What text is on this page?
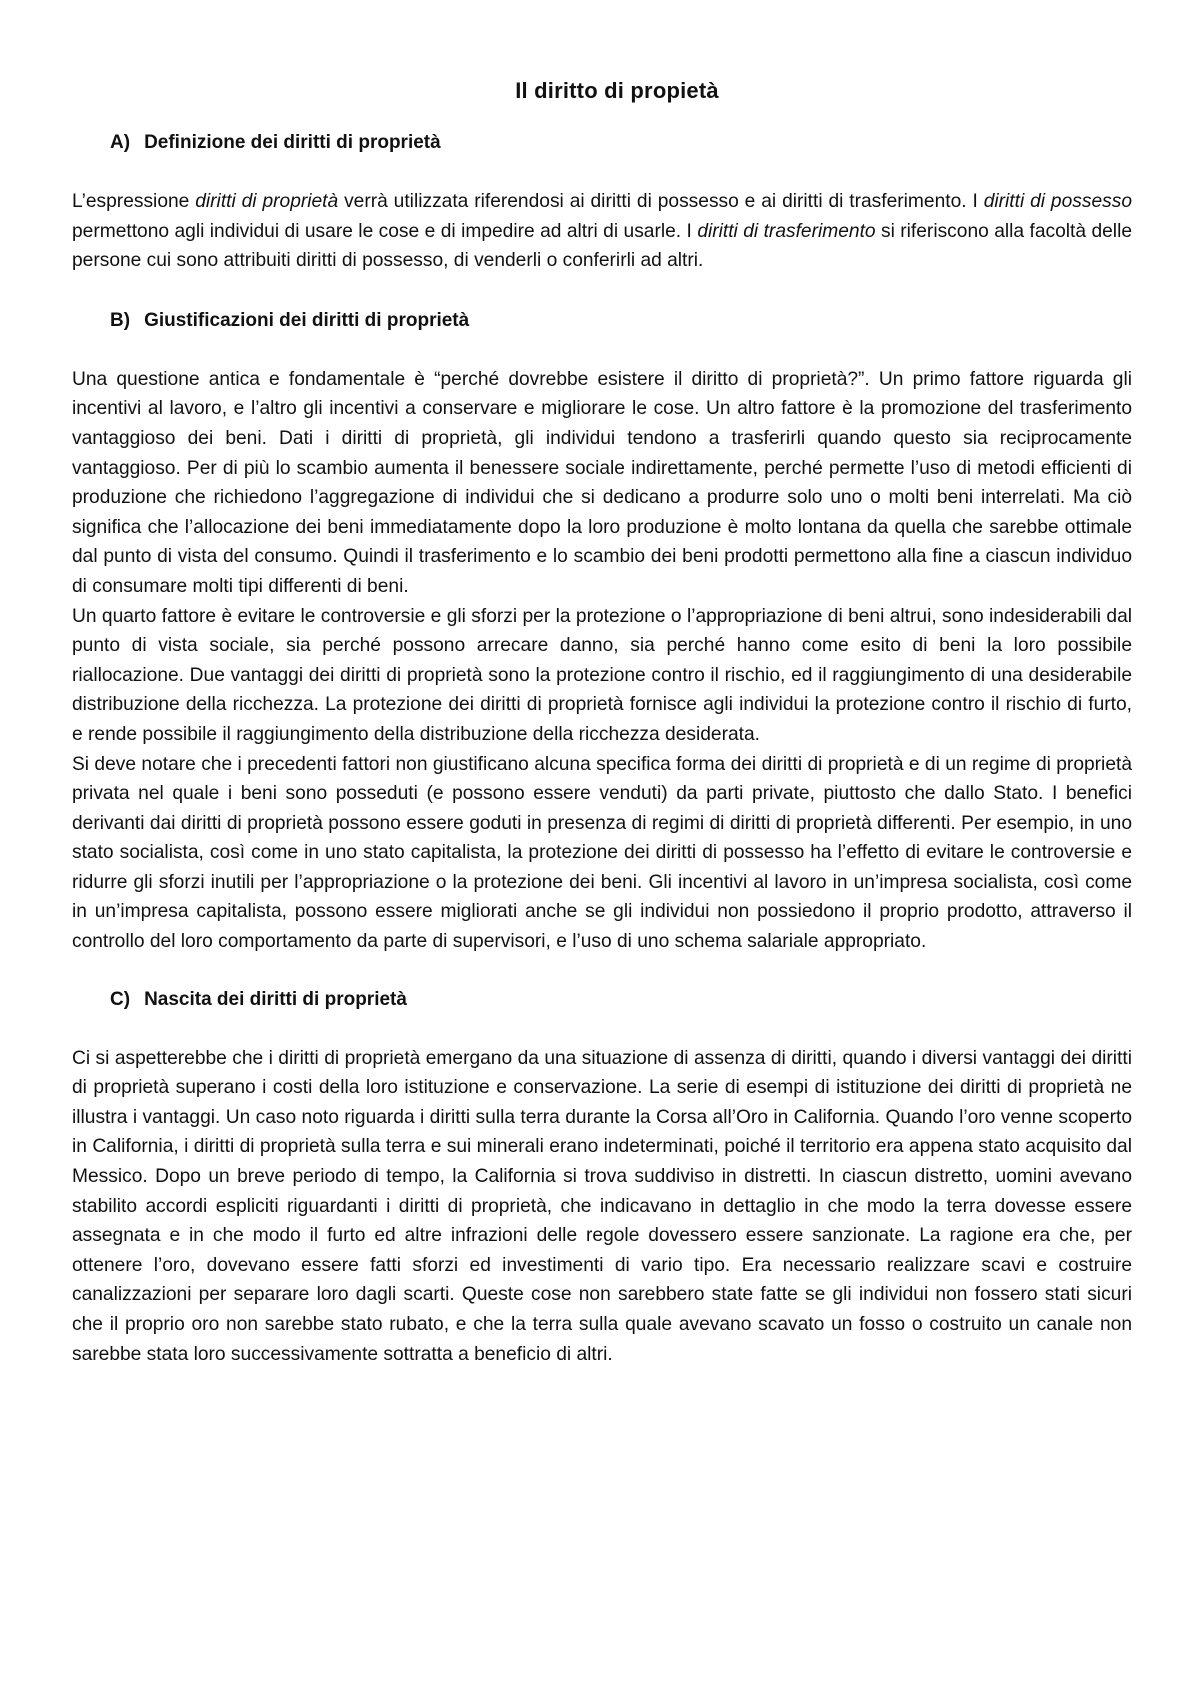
Il diritto di propietà
A) Definizione dei diritti di proprietà

L’espressione diritti di proprietà verrà utilizzata riferendosi ai diritti di possesso e ai diritti di trasferimento. I diritti di possesso permettono agli individui di usare le cose e di impedire ad altri di usarle. I diritti di trasferimento si riferiscono alla facoltà delle persone cui sono attribuiti diritti di possesso, di venderli o conferirli ad altri.

B) Giustificazioni dei diritti di proprietà

Una questione antica e fondamentale è “perché dovrebbe esistere il diritto di proprietà?”. Un primo fattore riguarda gli incentivi al lavoro, e l’altro gli incentivi a conservare e migliorare le cose. Un altro fattore è la promozione del trasferimento vantaggioso dei beni. Dati i diritti di proprietà, gli individui tendono a trasferirli quando questo sia reciprocamente vantaggioso. Per di più lo scambio aumenta il benessere sociale indirettamente, perché permette l’uso di metodi efficienti di produzione che richiedono l’aggregazione di individui che si dedicano a produrre solo uno o molti beni interrelati. Ma ciò significa che l’allocazione dei beni immediatamente dopo la loro produzione è molto lontana da quella che sarebbe ottimale dal punto di vista del consumo. Quindi il trasferimento e lo scambio dei beni prodotti permettono alla fine a ciascun individuo di consumare molti tipi differenti di beni.

Un quarto fattore è evitare le controversie e gli sforzi per la protezione o l’appropriazione di beni altrui, sono indesiderabili dal punto di vista sociale, sia perché possono arrecare danno, sia perché hanno come esito di beni la loro possibile riallocazione. Due vantaggi dei diritti di proprietà sono la protezione contro il rischio, ed il raggiungimento di una desiderabile distribuzione della ricchezza. La protezione dei diritti di proprietà fornisce agli individui la protezione contro il rischio di furto, e rende possibile il raggiungimento della distribuzione della ricchezza desiderata.

Si deve notare che i precedenti fattori non giustificano alcuna specifica forma dei diritti di proprietà e di un regime di proprietà privata nel quale i beni sono posseduti (e possono essere venduti) da parti private, piuttosto che dallo Stato. I benefici derivanti dai diritti di proprietà possono essere goduti in presenza di regimi di diritti di proprietà differenti. Per esempio, in uno stato socialista, così come in uno stato capitalista, la protezione dei diritti di possesso ha l’effetto di evitare le controversie e ridurre gli sforzi inutili per l’appropriazione o la protezione dei beni. Gli incentivi al lavoro in un’impresa socialista, così come in un’impresa capitalista, possono essere migliorati anche se gli individui non possiedono il proprio prodotto, attraverso il controllo del loro comportamento da parte di supervisori, e l’uso di uno schema salariale appropriato.

C) Nascita dei diritti di proprietà

Ci si aspetterebbe che i diritti di proprietà emergano da una situazione di assenza di diritti, quando i diversi vantaggi dei diritti di proprietà superano i costi della loro istituzione e conservazione. La serie di esempi di istituzione dei diritti di proprietà ne illustra i vantaggi. Un caso noto riguarda i diritti sulla terra durante la Corsa all’Oro in California. Quando l’oro venne scoperto in California, i diritti di proprietà sulla terra e sui minerali erano indeterminati, poiché il territorio era appena stato acquisito dal Messico. Dopo un breve periodo di tempo, la California si trova suddiviso in distretti. In ciascun distretto, uomini avevano stabilito accordi espliciti riguardanti i diritti di proprietà, che indicavano in dettaglio in che modo la terra dovesse essere assegnata e in che modo il furto ed altre infrazioni delle regole dovessero essere sanzionate. La ragione era che, per ottenere l’oro, dovevano essere fatti sforzi ed investimenti di vario tipo. Era necessario realizzare scavi e costruire canalizzazioni per separare loro dagli scarti. Queste cose non sarebbero state fatte se gli individui non fossero stati sicuri che il proprio oro non sarebbe stato rubato, e che la terra sulla quale avevano scavato un fosso o costruito un canale non sarebbe stata loro successivamente sottratta a beneficio di altri.
